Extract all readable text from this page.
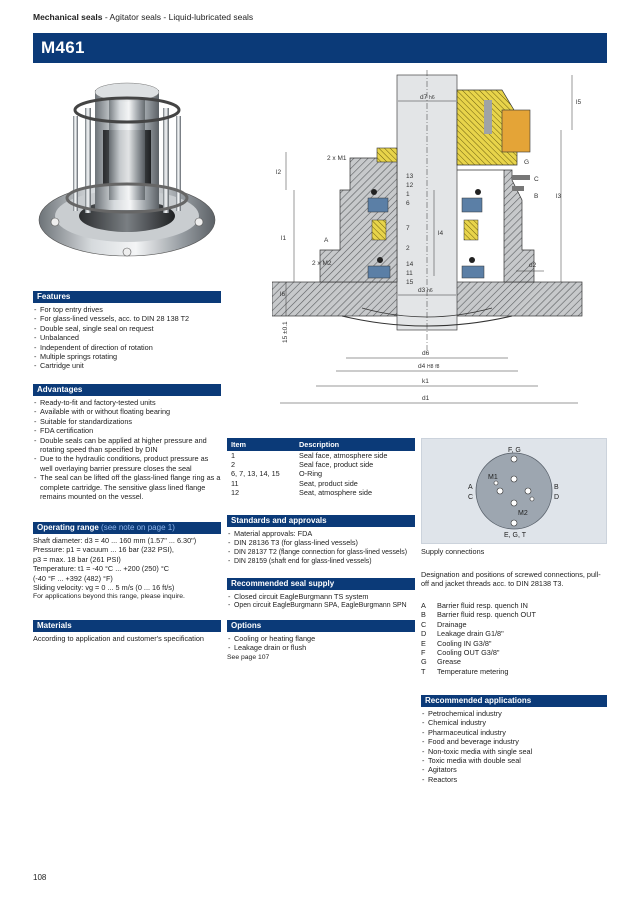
Mechanical seals - Agitator seals - Liquid-lubricated seals
M461
d7 h6
l5
l3
l2
l1
l6
2 x M1
2 x M2
A
G
C
B
d2
d6
d4 H8 f8
k1
d1
d3 h6
l4
15 ±0.1
13
12
1
6
7
2
14
11
15
Features
- For top entry drives
- For glass-lined vessels, acc. to DIN 28 138 T2
- Double seal, single seal on request
- Unbalanced
- Independent of direction of rotation
- Multiple springs rotating
- Cartridge unit
Advantages
- Ready-to-fit and factory-tested units
- Available with or without floating bearing
- Suitable for standardizations
- FDA certification
- Double seals can be applied at higher pressure and rotating speed than specified by DIN
- Due to the hydraulic conditions, product pressure as well overlaying barrier pressure closes the seal
- The seal can be lifted off the glass-lined flange ring as a complete cartridge. The sensitive glass lined flange remains mounted on the vessel.
Operating range (see note on page 1)
Shaft diameter: d3 = 40 ... 160 mm (1.57" ... 6.30")
Pressure: p1 = vacuum ... 16 bar (232 PSI),
p3 = max. 18 bar (261 PSI)
Temperature: t1 = -40 °C ... +200 (250) °C
(-40 °F ... +392 (482) °F)
Sliding velocity: vg = 0 ... 5 m/s (0 ... 16 ft/s)
For applications beyond this range, please inquire.
Materials
According to application and customer's specification
Item	Description
1	Seal face, atmosphere side
2	Seal face, product side
6, 7, 13, 14, 15	O-Ring
11	Seat, product side
12	Seat, atmosphere side
Standards and approvals
- Material approvals: FDA
- DIN 28136 T3 (for glass-lined vessels)
- DIN 28137 T2 (flange connection for glass-lined vessels)
- DIN 28159 (shaft end for glass-lined vessels)
Recommended seal supply
- Closed circuit EagleBurgmann TS system
- Open circuit EagleBurgmann SPA, EagleBurgmann SPN
Options
- Cooling or heating flange
- Leakage drain or flush
See page 107
F, G
E, G, T
A
C
B
D
M1
M2
Supply connections
Designation and positions of screwed connections, pull-off and jacket threads acc. to DIN 28138 T3.
A	Barrier fluid resp. quench IN
B	Barrier fluid resp. quench OUT
C	Drainage
D	Leakage drain G1/8"
E	Cooling IN G3/8"
F	Cooling OUT G3/8"
G	Grease
T	Temperature metering
Recommended applications
- Petrochemical industry
- Chemical industry
- Pharmaceutical industry
- Food and beverage industry
- Non-toxic media with single seal
- Toxic media with double seal
- Agitators
- Reactors
108
